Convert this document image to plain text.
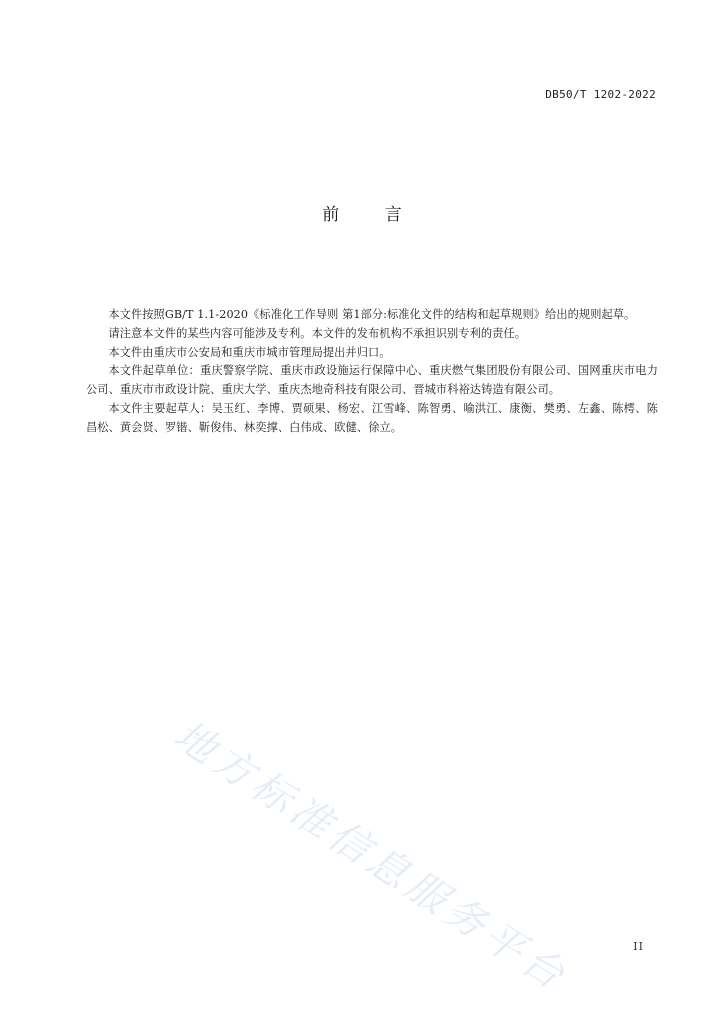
DB50/T 1202-2022
前	言

本文件按照GB/T 1.1-2020《标准化工作导则 第1部分:标准化文件的结构和起草规则》给出的规则起草。

请注意本文件的某些内容可能涉及专利。本文件的发布机构不承担识别专利的责任。

本文件由重庆市公安局和重庆市城市管理局提出并归口。

本文件起草单位：重庆警察学院、重庆市政设施运行保障中心、重庆燃气集团股份有限公司、国网重庆市电力公司、重庆市市政设计院、重庆大学、重庆杰地奇科技有限公司、晋城市科裕达铸造有限公司。

本文件主要起草人：吴玉红、李博、贾硕果、杨宏、江雪峰、陈智勇、喻洪江、康衡、樊勇、左鑫、陈樗、陈昌松、黄会贤、罗锴、靳俊伟、林奕撑、白伟成、欧健、徐立。

地方标准信息服务平台	II
